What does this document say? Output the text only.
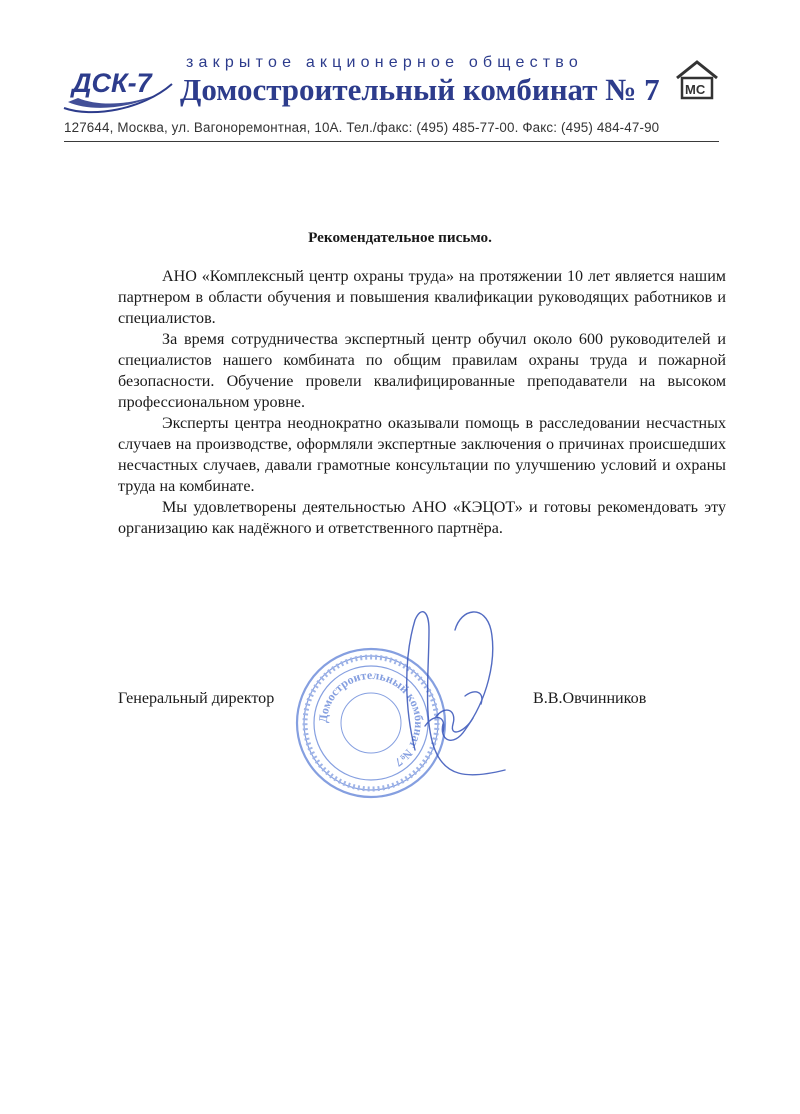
ДСК-7
закрытое акционерное общество
Домостроительный комбинат № 7 МС
127644, Москва, ул. Вагоноремонтная, 10А. Тел./факс: (495) 485-77-00. Факс: (495) 484-47-90
Рекомендательное письмо.

АНО «Комплексный центр охраны труда» на протяжении 10 лет является нашим партнером в области обучения и повышения квалификации руководящих работников и специалистов.

За время сотрудничества экспертный центр обучил около 600 руководителей и специалистов нашего комбината по общим правилам охраны труда и пожарной безопасности. Обучение провели квалифицированные преподаватели на высоком профессиональном уровне.

Эксперты центра неоднократно оказывали помощь в расследовании несчастных случаев на производстве, оформляли экспертные заключения о причинах происшедших несчастных случаев, давали грамотные консультации по улучшению условий и охраны труда на комбинате.

Мы удовлетворены деятельностью АНО «КЭЦОТ» и готовы рекомендовать эту организацию как надёжного и ответственного партнёра.

Домостроительный комбинат №7
Генеральный директор	В.В.Овчинников
